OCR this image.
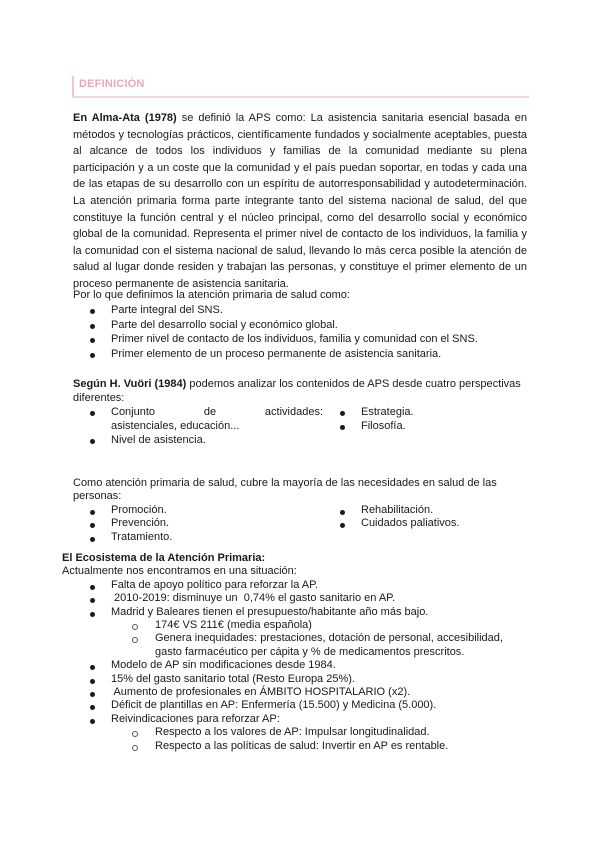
DEFINICIÓN
En Alma-Ata (1978) se definió la APS como: La asistencia sanitaria esencial basada en métodos y tecnologías prácticos, científicamente fundados y socialmente aceptables, puesta al alcance de todos los individuos y familias de la comunidad mediante su plena participación y a un coste que la comunidad y el país puedan soportar, en todas y cada una de las etapas de su desarrollo con un espíritu de autorresponsabilidad y autodeterminación. La atención primaria forma parte integrante tanto del sistema nacional de salud, del que constituye la función central y el núcleo principal, como del desarrollo social y económico global de la comunidad. Representa el primer nivel de contacto de los individuos, la familia y la comunidad con el sistema nacional de salud, llevando lo más cerca posible la atención de salud al lugar donde residen y trabajan las personas, y constituye el primer elemento de un proceso permanente de asistencia sanitaria.

Por lo que definimos la atención primaria de salud como:

Parte integral del SNS.
Parte del desarrollo social y económico global.
Primer nivel de contacto de los individuos, familia y comunidad con el SNS.
Primer elemento de un proceso permanente de asistencia sanitaria.

Según H. Vuöri (1984) podemos analizar los contenidos de APS desde cuatro perspectivas diferentes:

Conjunto de actividades:
asistenciales, educación...
Nivel de asistencia.
Estrategia.
Filosofía.

Como atención primaria de salud, cubre la mayoría de las necesidades en salud de las personas:

Promoción.
Prevención.
Tratamiento.
Rehabilitación.
Cuidados paliativos.

El Ecosistema de la Atención Primaria:

Actualmente nos encontramos en una situación:

Falta de apoyo político para reforzar la AP.
2010-2019: disminuye un  0,74% el gasto sanitario en AP.
Madrid y Baleares tienen el presupuesto/habitante año más bajo.
174€ VS 211€ (media española)
Genera inequidades: prestaciones, dotación de personal, accesibilidad, gasto farmacéutico per cápita y % de medicamentos prescritos.
Modelo de AP sin modificaciones desde 1984.
15% del gasto sanitario total (Resto Europa 25%).
Aumento de profesionales en ÁMBITO HOSPITALARIO (x2).
Déficit de plantillas en AP: Enfermería (15.500) y Medicina (5.000).
Reivindicaciones para reforzar AP:
Respecto a los valores de AP: Impulsar longitudinalidad.
Respecto a las políticas de salud: Invertir en AP es rentable.
